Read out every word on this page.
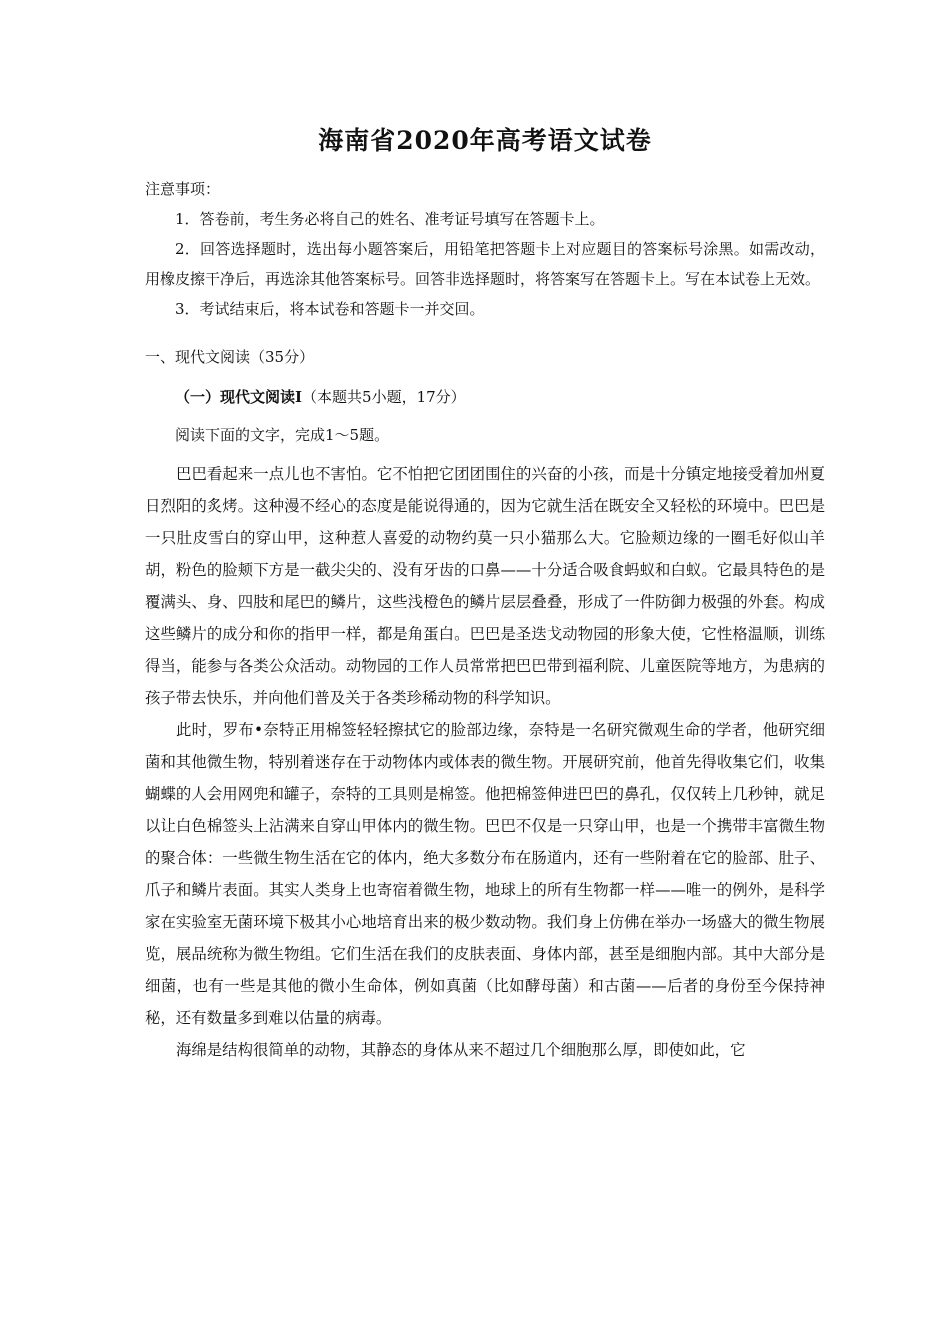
海南省2020年高考语文试卷

注意事项：

1．答卷前，考生务必将自己的姓名、准考证号填写在答题卡上。

2．回答选择题时，选出每小题答案后，用铅笔把答题卡上对应题目的答案标号涂黑。如需改动，用橡皮擦干净后，再选涂其他答案标号。回答非选择题时，将答案写在答题卡上。写在本试卷上无效。

3．考试结束后，将本试卷和答题卡一并交回。

一、现代文阅读（35分）

（一）现代文阅读Ⅰ（本题共5小题，17分）

阅读下面的文字，完成1～5题。

巴巴看起来一点儿也不害怕。它不怕把它团团围住的兴奋的小孩，而是十分镇定地接受着加州夏日烈阳的炙烤。这种漫不经心的态度是能说得通的，因为它就生活在既安全又轻松的环境中。巴巴是一只肚皮雪白的穿山甲，这种惹人喜爱的动物约莫一只小猫那么大。它脸颊边缘的一圈毛好似山羊胡，粉色的脸颊下方是一截尖尖的、没有牙齿的口鼻——十分适合吸食蚂蚁和白蚁。它最具特色的是覆满头、身、四肢和尾巴的鳞片，这些浅橙色的鳞片层层叠叠，形成了一件防御力极强的外套。构成这些鳞片的成分和你的指甲一样，都是角蛋白。巴巴是圣迭戈动物园的形象大使，它性格温顺，训练得当，能参与各类公众活动。动物园的工作人员常常把巴巴带到福利院、儿童医院等地方，为患病的孩子带去快乐，并向他们普及关于各类珍稀动物的科学知识。

此时，罗布•奈特正用棉签轻轻擦拭它的脸部边缘，奈特是一名研究微观生命的学者，他研究细菌和其他微生物，特别着迷存在于动物体内或体表的微生物。开展研究前，他首先得收集它们，收集蝴蝶的人会用网兜和罐子，奈特的工具则是棉签。他把棉签伸进巴巴的鼻孔，仅仅转上几秒钟，就足以让白色棉签头上沾满来自穿山甲体内的微生物。巴巴不仅是一只穿山甲，也是一个携带丰富微生物的聚合体：一些微生物生活在它的体内，绝大多数分布在肠道内，还有一些附着在它的脸部、肚子、爪子和鳞片表面。其实人类身上也寄宿着微生物，地球上的所有生物都一样——唯一的例外，是科学家在实验室无菌环境下极其小心地培育出来的极少数动物。我们身上仿佛在举办一场盛大的微生物展览，展品统称为微生物组。它们生活在我们的皮肤表面、身体内部，甚至是细胞内部。其中大部分是细菌，也有一些是其他的微小生命体，例如真菌（比如酵母菌）和古菌——后者的身份至今保持神秘，还有数量多到难以估量的病毒。

海绵是结构很简单的动物，其静态的身体从来不超过几个细胞那么厚，即使如此，它
